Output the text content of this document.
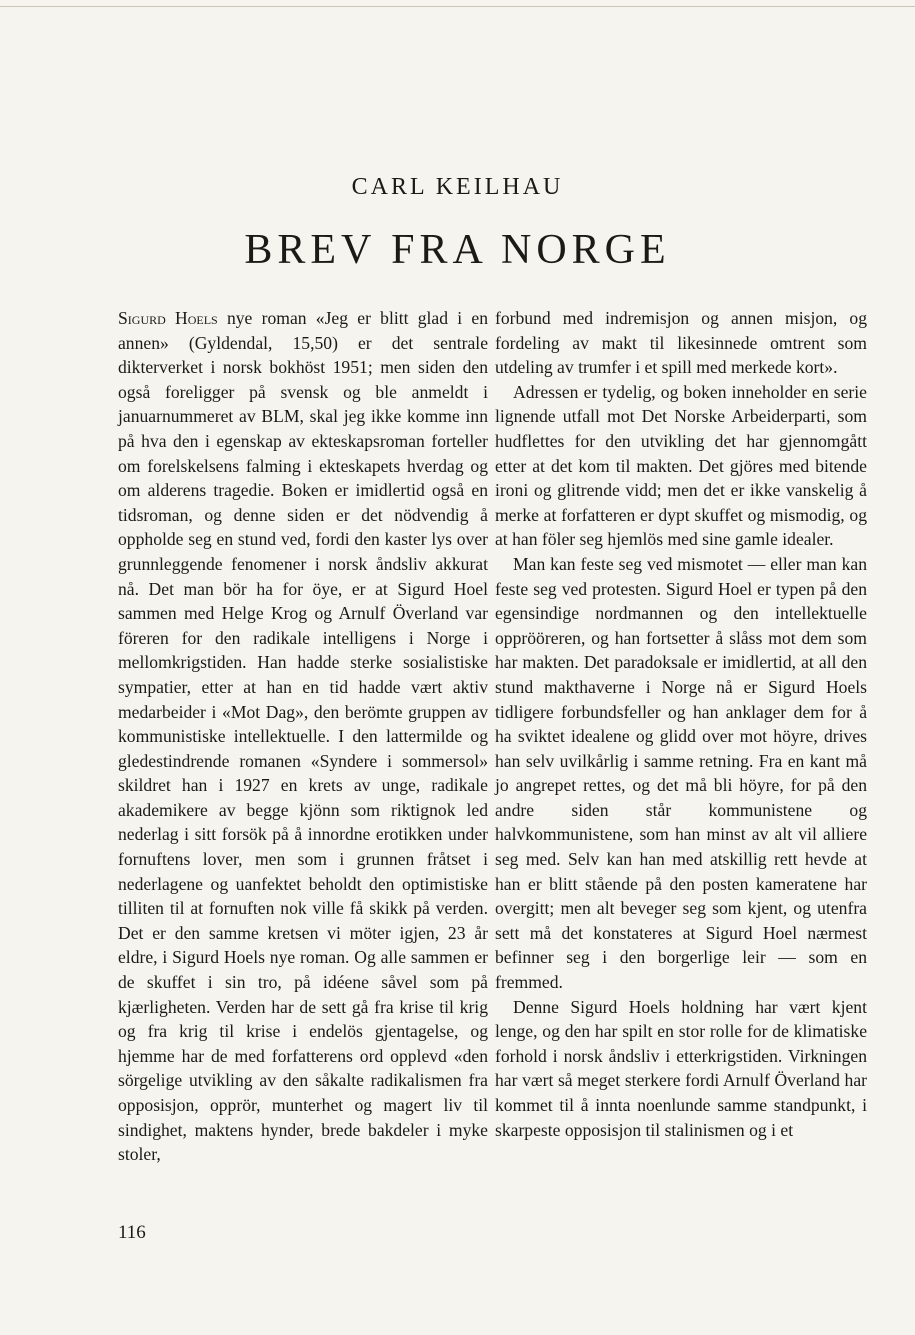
CARL KEILHAU
BREV FRA NORGE

Sigurd Hoels nye roman «Jeg er blitt glad i en annen» (Gyldendal, 15,50) er det sentrale dikterverket i norsk bokhöst 1951; men siden den også foreligger på svensk og ble anmeldt i januarnummeret av BLM, skal jeg ikke komme inn på hva den i egenskap av ekteskapsroman forteller om forelskelsens falming i ekteskapets hverdag og om alderens tragedie. Boken er imidlertid også en tidsroman, og denne siden er det nödvendig å oppholde seg en stund ved, fordi den kaster lys over grunnleggende fenomener i norsk åndsliv akkurat nå. Det man bör ha for öye, er at Sigurd Hoel sammen med Helge Krog og Arnulf Överland var föreren for den radikale intelligens i Norge i mellomkrigstiden. Han hadde sterke sosialistiske sympatier, etter at han en tid hadde vært aktiv medarbeider i «Mot Dag», den berömte gruppen av kommunistiske intellektuelle. I den lattermilde og gledestindrende romanen «Syndere i sommersol» skildret han i 1927 en krets av unge, radikale akademikere av begge kjönn som riktignok led nederlag i sitt forsök på å innordne erotikken under fornuftens lover, men som i grunnen fråtset i nederlagene og uanfektet beholdt den optimistiske tilliten til at fornuften nok ville få skikk på verden. Det er den samme kretsen vi möter igjen, 23 år eldre, i Sigurd Hoels nye roman. Og alle sammen er de skuffet i sin tro, på idéene såvel som på kjærligheten. Verden har de sett gå fra krise til krig og fra krig til krise i endelös gjentagelse, og hjemme har de med forfatterens ord opplevd «den sörgelige utvikling av den såkalte radikalismen fra opposisjon, opprör, munterhet og magert liv til sindighet, maktens hynder, brede bakdeler i myke stoler,

forbund med indremisjon og annen misjon, og fordeling av makt til likesinnede omtrent som utdeling av trumfer i et spill med merkede kort».

Adressen er tydelig, og boken inneholder en serie lignende utfall mot Det Norske Arbeiderparti, som hudflettes for den utvikling det har gjennomgått etter at det kom til makten. Det gjöres med bitende ironi og glitrende vidd; men det er ikke vanskelig å merke at forfatteren er dypt skuffet og mismodig, og at han föler seg hjemlös med sine gamle idealer.

Man kan feste seg ved mismotet — eller man kan feste seg ved protesten. Sigurd Hoel er typen på den egensindige nordmannen og den intellektuelle opprööreren, og han fortsetter å slåss mot dem som har makten. Det paradoksale er imidlertid, at all den stund makthaverne i Norge nå er Sigurd Hoels tidligere forbundsfeller og han anklager dem for å ha sviktet idealene og glidd over mot höyre, drives han selv uvilkårlig i samme retning. Fra en kant må jo angrepet rettes, og det må bli höyre, for på den andre siden står kommunistene og halvkommunistene, som han minst av alt vil alliere seg med. Selv kan han med atskillig rett hevde at han er blitt stående på den posten kameratene har overgitt; men alt beveger seg som kjent, og utenfra sett må det konstateres at Sigurd Hoel nærmest befinner seg i den borgerlige leir — som en fremmed.

Denne Sigurd Hoels holdning har vært kjent lenge, og den har spilt en stor rolle for de klimatiske forhold i norsk åndsliv i etterkrigstiden. Virkningen har vært så meget sterkere fordi Arnulf Överland har kommet til å innta noenlunde samme standpunkt, i skarpeste opposisjon til stalinismen og i et

116
